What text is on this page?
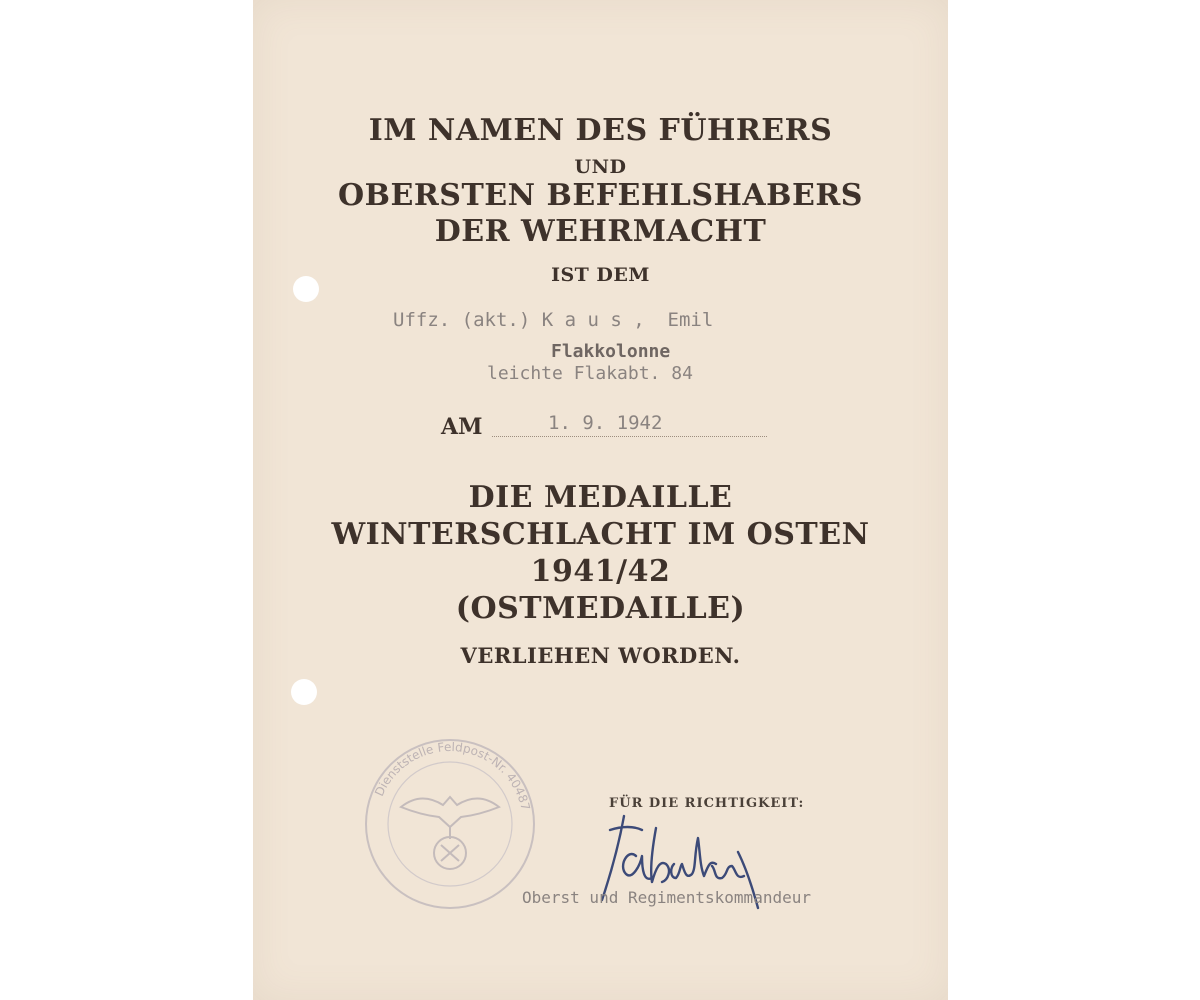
IM NAMEN DES FÜHRERS
UND
OBERSTEN BEFEHLSHABERS
DER WEHRMACHT
IST DEM
Uffz. (akt.) K a u s ,  Emil
Flakkolonne
leichte Flakabt. 84
AM	1. 9. 1942
DIE MEDAILLE
WINTERSCHLACHT IM OSTEN
1941/42
(OSTMEDAILLE)
VERLIEHEN WORDEN.
Dienststelle Feldpost-Nr. 40487	FÜR DIE RICHTIGKEIT:
Oberst und Regimentskommandeur
